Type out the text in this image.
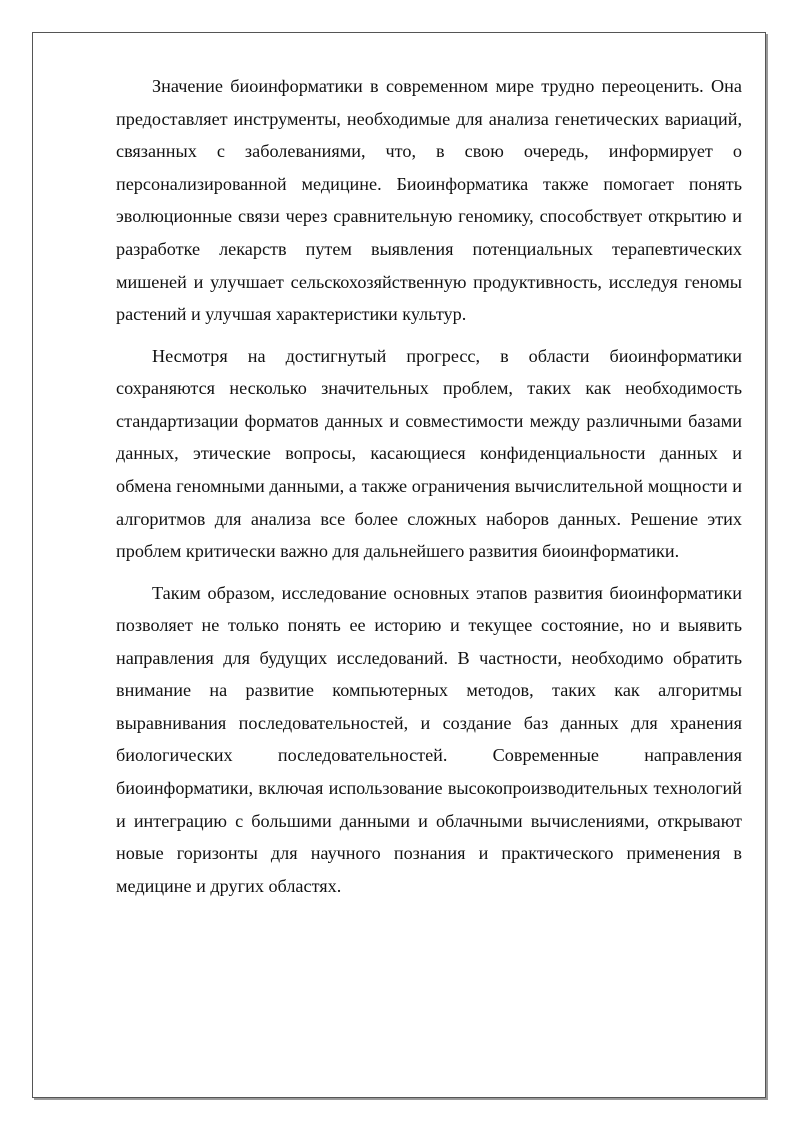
Значение биоинформатики в современном мире трудно переоценить. Она предоставляет инструменты, необходимые для анализа генетических вариаций, связанных с заболеваниями, что, в свою очередь, информирует о персонализированной медицине. Биоинформатика также помогает понять эволюционные связи через сравнительную геномику, способствует открытию и разработке лекарств путем выявления потенциальных терапевтических мишеней и улучшает сельскохозяйственную продуктивность, исследуя геномы растений и улучшая характеристики культур.

Несмотря на достигнутый прогресс, в области биоинформатики сохраняются несколько значительных проблем, таких как необходимость стандартизации форматов данных и совместимости между различными базами данных, этические вопросы, касающиеся конфиденциальности данных и обмена геномными данными, а также ограничения вычислительной мощности и алгоритмов для анализа все более сложных наборов данных. Решение этих проблем критически важно для дальнейшего развития биоинформатики.

Таким образом, исследование основных этапов развития биоинформатики позволяет не только понять ее историю и текущее состояние, но и выявить направления для будущих исследований. В частности, необходимо обратить внимание на развитие компьютерных методов, таких как алгоритмы выравнивания последовательностей, и создание баз данных для хранения биологических последовательностей. Современные направления биоинформатики, включая использование высокопроизводительных технологий и интеграцию с большими данными и облачными вычислениями, открывают новые горизонты для научного познания и практического применения в медицине и других областях.
